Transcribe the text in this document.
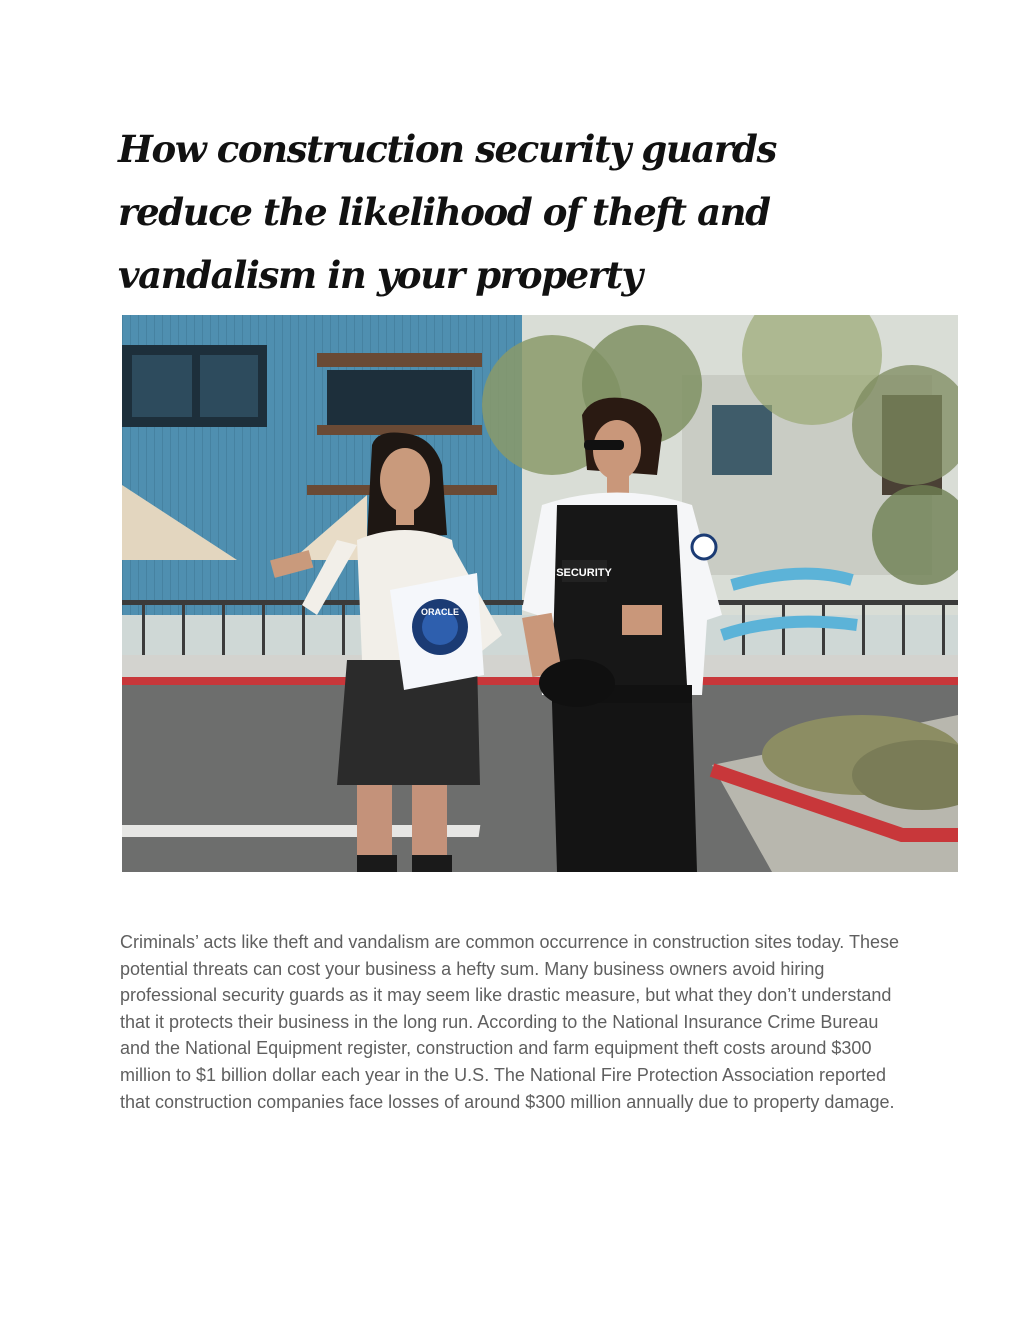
How construction security guards reduce the likelihood of theft and vandalism in your property
ORACLE
SECURITY

Criminals’ acts like theft and vandalism are common occurrence in construction sites today. These potential threats can cost your business a hefty sum. Many business owners avoid hiring professional security guards as it may seem like drastic measure, but what they don’t understand that it protects their business in the long run. According to the National Insurance Crime Bureau and the National Equipment register, construction and farm equipment theft costs around $300 million to $1 billion dollar each year in the U.S. The National Fire Protection Association reported that construction companies face losses of around $300 million annually due to property damage.
